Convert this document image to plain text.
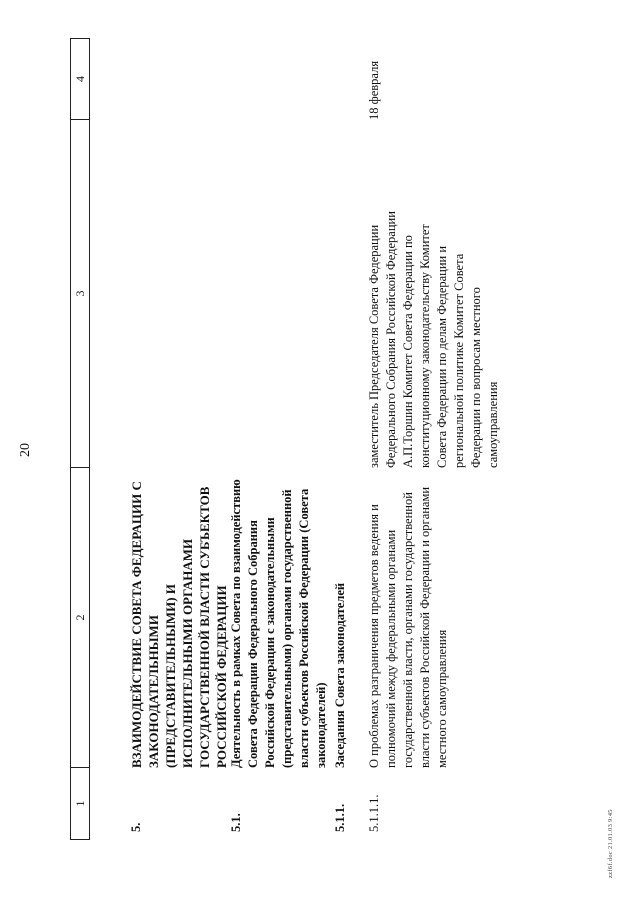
20
1
2
3
4
5.
ВЗАИМОДЕЙСТВИЕ СОВЕТА ФЕДЕРАЦИИ С ЗАКОНОДАТЕЛЬНЫМИ (ПРЕДСТАВИТЕЛЬНЫМИ) И ИСПОЛНИТЕЛЬНЫМИ ОРГАНАМИ ГОСУДАРСТВЕННОЙ ВЛАСТИ СУБЪЕКТОВ РОССИЙСКОЙ ФЕДЕРАЦИИ
5.1.
Деятельность в рамках Совета по взаимодействию Совета Федерации Федерального Собрания Российской Федерации с законодательными (представительными) органами государственной власти субъектов Российской Федерации (Совета законодателей)
5.1.1.
Заседания Совета законодателей
5.1.1.1.
О проблемах разграничения предметов ведения и полномочий между федеральными органами государственной власти, органами государственной власти субъектов Российской Федерации и органами местного самоуправления
заместитель Председателя Совета Федерации Федерального Собрания Российской Федерации А.П.Торшин Комитет Совета Федерации по конституционному законодательству Комитет Совета Федерации по делам Федерации и региональной политике Комитет Совета Федерации по вопросам местного самоуправления
18 февраля
zzf6f.doc 21.01.03 9:45
